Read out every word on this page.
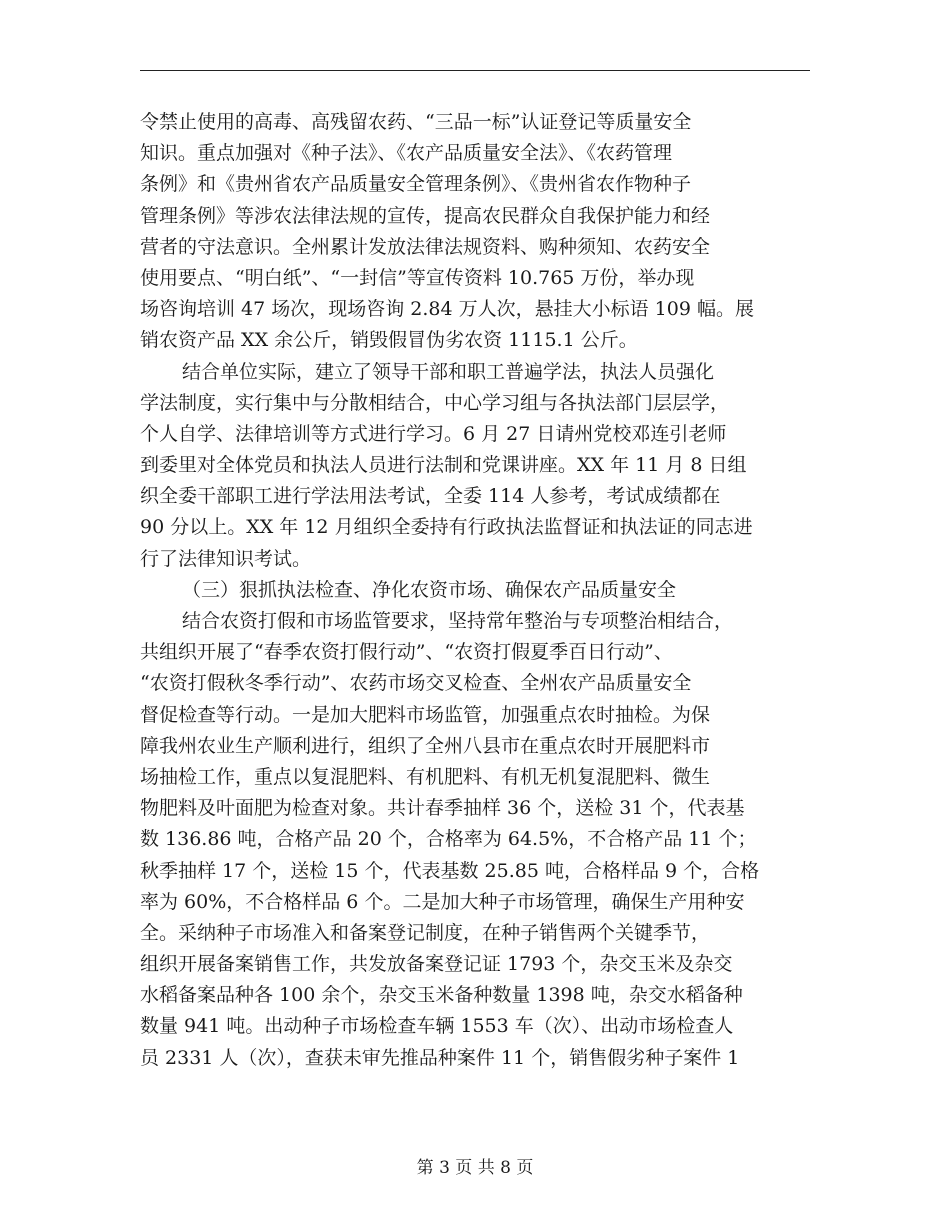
令禁止使用的高毒、高残留农药、“三品一标”认证登记等质量安全
知识。重点加强对《种子法》、《农产品质量安全法》、《农药管理
条例》和《贵州省农产品质量安全管理条例》、《贵州省农作物种子
管理条例》等涉农法律法规的宣传，提高农民群众自我保护能力和经
营者的守法意识。全州累计发放法律法规资料、购种须知、农药安全
使用要点、“明白纸”、“一封信”等宣传资料 10.765 万份，举办现
场咨询培训 47 场次，现场咨询 2.84 万人次，悬挂大小标语 109 幅。展
销农资产品 XX 余公斤，销毁假冒伪劣农资 1115.1 公斤。
结合单位实际，建立了领导干部和职工普遍学法，执法人员强化
学法制度，实行集中与分散相结合，中心学习组与各执法部门层层学，
个人自学、法律培训等方式进行学习。6 月 27 日请州党校邓连引老师
到委里对全体党员和执法人员进行法制和党课讲座。XX 年 11 月 8 日组
织全委干部职工进行学法用法考试，全委 114 人参考，考试成绩都在
90 分以上。XX 年 12 月组织全委持有行政执法监督证和执法证的同志进
行了法律知识考试。
（三）狠抓执法检查、净化农资市场、确保农产品质量安全
结合农资打假和市场监管要求，坚持常年整治与专项整治相结合，
共组织开展了“春季农资打假行动”、“农资打假夏季百日行动”、
“农资打假秋冬季行动”、农药市场交叉检查、全州农产品质量安全
督促检查等行动。一是加大肥料市场监管，加强重点农时抽检。为保
障我州农业生产顺利进行，组织了全州八县市在重点农时开展肥料市
场抽检工作，重点以复混肥料、有机肥料、有机无机复混肥料、微生
物肥料及叶面肥为检查对象。共计春季抽样 36 个，送检 31 个，代表基
数 136.86 吨，合格产品 20 个，合格率为 64.5%，不合格产品 11 个；
秋季抽样 17 个，送检 15 个，代表基数 25.85 吨，合格样品 9 个，合格
率为 60%，不合格样品 6 个。二是加大种子市场管理，确保生产用种安
全。采纳种子市场准入和备案登记制度，在种子销售两个关键季节，
组织开展备案销售工作，共发放备案登记证 1793 个，杂交玉米及杂交
水稻备案品种各 100 余个，杂交玉米备种数量 1398 吨，杂交水稻备种
数量 941 吨。出动种子市场检查车辆 1553 车（次）、出动市场检查人
员 2331 人（次），查获未审先推品种案件 11 个，销售假劣种子案件 1
第 3 页 共 8 页
